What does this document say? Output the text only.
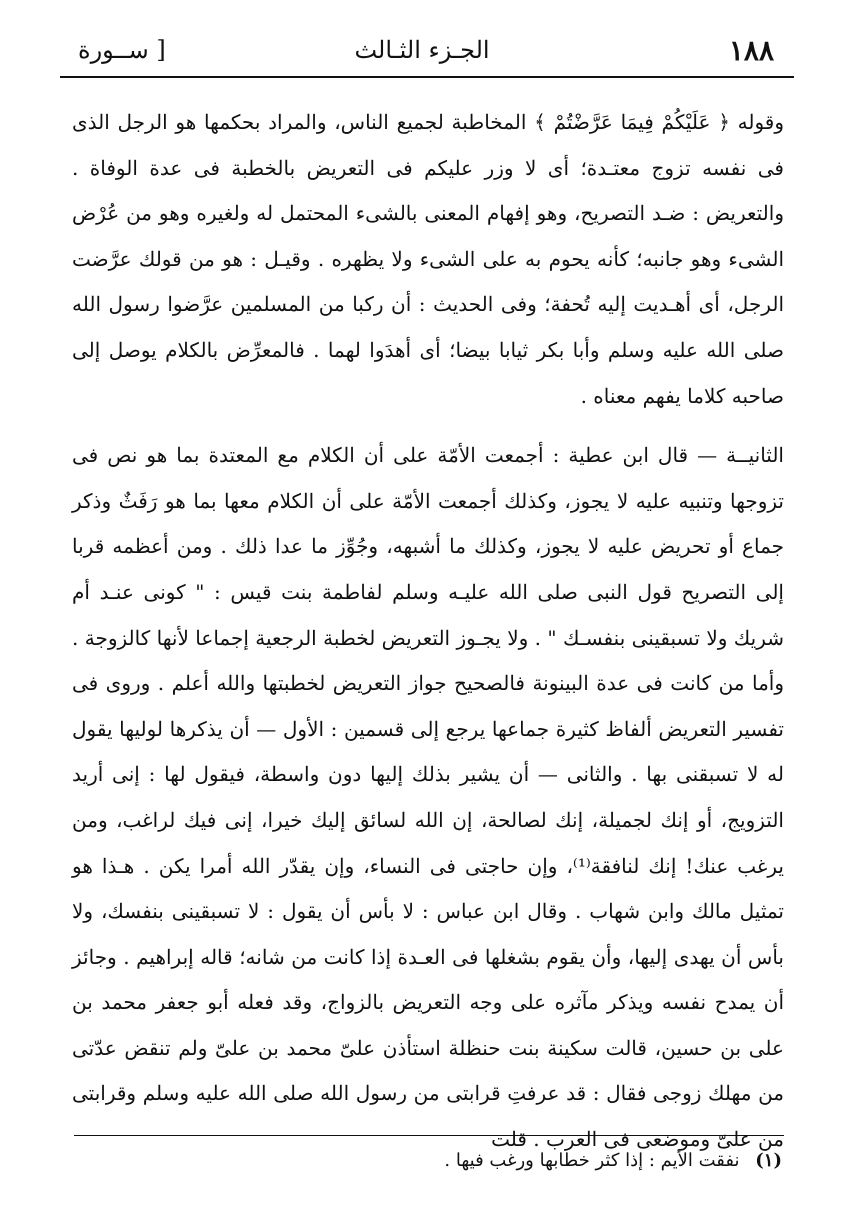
١٨٨
الجـزء الثـالث
[ ســورة

وقوله ﴿ عَلَيْكُمْ فِيمَا عَرَّضْتُمْ ﴾ المخاطبة لجميع الناس، والمراد بحكمها هو الرجل الذى فى نفسه تزوج معتـدة؛ أى لا وزر عليكم فى التعريض بالخطبة فى عدة الوفاة . والتعريض : ضـد التصريح، وهو إفهام المعنى بالشىء المحتمل له ولغيره وهو من عُرْض الشىء وهو جانبه؛ كأنه يحوم به على الشىء ولا يظهره . وقيـل : هو من قولك عرَّضت الرجل، أى أهـديت إليه تُحفة؛ وفى الحديث : أن ركبا من المسلمين عرَّضوا رسول الله صلى الله عليه وسلم وأبا بكر ثيابا بيضا؛ أى أهدَوا لهما . فالمعرِّض بالكلام يوصل إلى صاحبه كلاما يفهم معناه .

الثانيــة — قال ابن عطية : أجمعت الأمّة على أن الكلام مع المعتدة بما هو نص فى تزوجها وتنبيه عليه لا يجوز، وكذلك أجمعت الأمّة على أن الكلام معها بما هو رَفَثٌ وذكر جماع أو تحريض عليه لا يجوز، وكذلك ما أشبهه، وجُوِّز ما عدا ذلك . ومن أعظمه قربا إلى التصريح قول النبى صلى الله عليـه وسلم لفاطمة بنت قيس : " كونى عنـد أم شريك ولا تسبقينى بنفسـك " . ولا يجـوز التعريض لخطبة الرجعية إجماعا لأنها كالزوجة . وأما من كانت فى عدة البينونة فالصحيح جواز التعريض لخطبتها والله أعلم . وروى فى تفسير التعريض ألفاظ كثيرة جماعها يرجع إلى قسمين : الأول — أن يذكرها لوليها يقول له لا تسبقنى بها . والثانى — أن يشير بذلك إليها دون واسطة، فيقول لها : إنى أريد التزويج، أو إنك لجميلة، إنك لصالحة، إن الله لسائق إليك خيرا، إنى فيك لراغب، ومن يرغب عنك! إنك لنافقة⁽¹⁾، وإن حاجتى فى النساء، وإن يقدّر الله أمرا يكن . هـذا هو تمثيل مالك وابن شهاب . وقال ابن عباس : لا بأس أن يقول : لا تسبقينى بنفسك، ولا بأس أن يهدى إليها، وأن يقوم بشغلها فى العـدة إذا كانت من شانه؛ قاله إبراهيم . وجائز أن يمدح نفسه ويذكر مآثره على وجه التعريض بالزواج، وقد فعله أبو جعفر محمد بن على بن حسين، قالت سكينة بنت حنظلة استأذن علىّ محمد بن علىّ ولم تنقض عدّتى من مهلك زوجى فقال : قد عرفتِ قرابتى من رسول الله صلى الله عليه وسلم وقرابتى من علىّ وموضعى فى العرب . قلت

(١) نفقت الأيم : إذا كثر خطابها ورغب فيها .
